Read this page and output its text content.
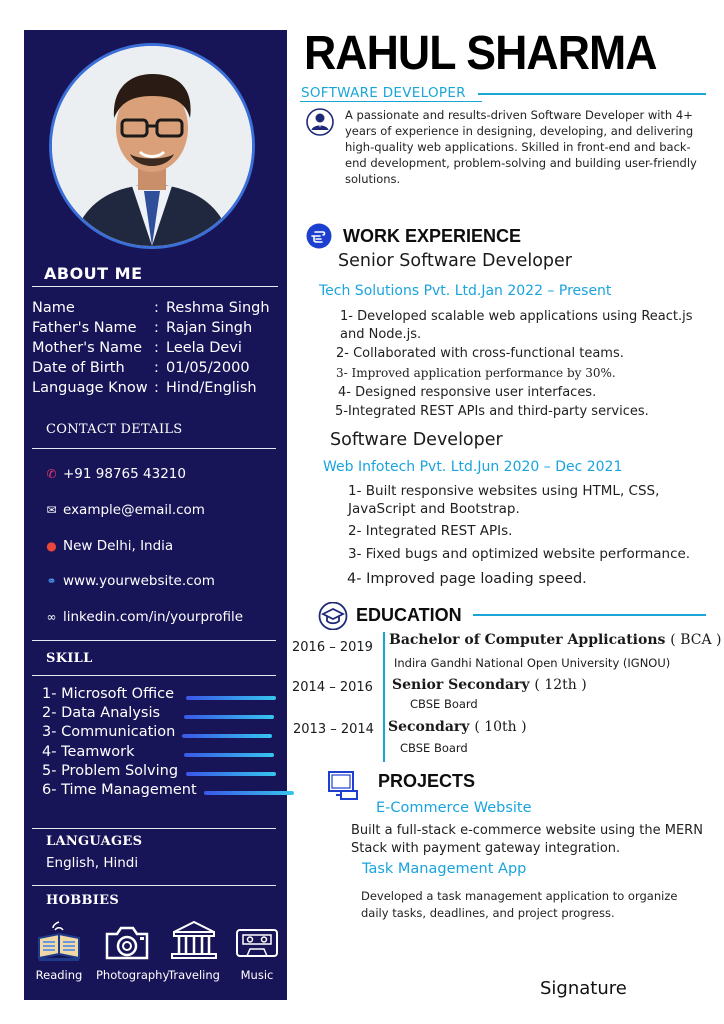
ABOUT ME
Name	: Reshma Singh
Father's Name : Rajan Singh
Mother's Name : Leela Devi
Date of Birth : 01/05/2000
Language Know : Hind/English
CONTACT DETAILS
✆ +91 98765 43210
✉ example@email.com
● New Delhi, India
⚭ www.yourwebsite.com
∞ linkedin.com/in/yourprofile
SKILL
1- Microsoft Office
2- Data Analysis
3- Communication
4- Teamwork
5- Problem Solving
6- Time Management
LANGUAGES
English, Hindi
HOBBIES
Reading	Photography
Traveling	Music
RAHUL SHARMA
SOFTWARE DEVELOPER
A passionate and results-driven Software Developer with 4+ years of experience in designing, developing, and delivering high-quality web applications. Skilled in front-end and back-end development, problem-solving and building user-friendly solutions.
WORK EXPERIENCE
Senior Software Developer
Tech Solutions Pvt. Ltd.Jan 2022 – Present
1- Developed scalable web applications using React.js and Node.js.
2- Collaborated with cross-functional teams.
3- Improved application performance by 30%.
4- Designed responsive user interfaces.
5-Integrated REST APIs and third-party services.
Software Developer
Web Infotech Pvt. Ltd.Jun 2020 – Dec 2021
1- Built responsive websites using HTML, CSS, JavaScript and Bootstrap.
2- Integrated REST APIs.
3- Fixed bugs and optimized website performance.
4- Improved page loading speed.
EDUCATION
2016 – 2019 Bachelor of Computer Applications ( BCA )
Indira Gandhi National Open University (IGNOU)
2014 – 2016 Senior Secondary ( 12th )
CBSE Board
2013 – 2014 Secondary ( 10th )
CBSE Board
PROJECTS
E-Commerce Website
Built a full-stack e-commerce website using the MERN Stack with payment gateway integration.
Task Management App
Developed a task management application to organize daily tasks, deadlines, and project progress.
Signature
